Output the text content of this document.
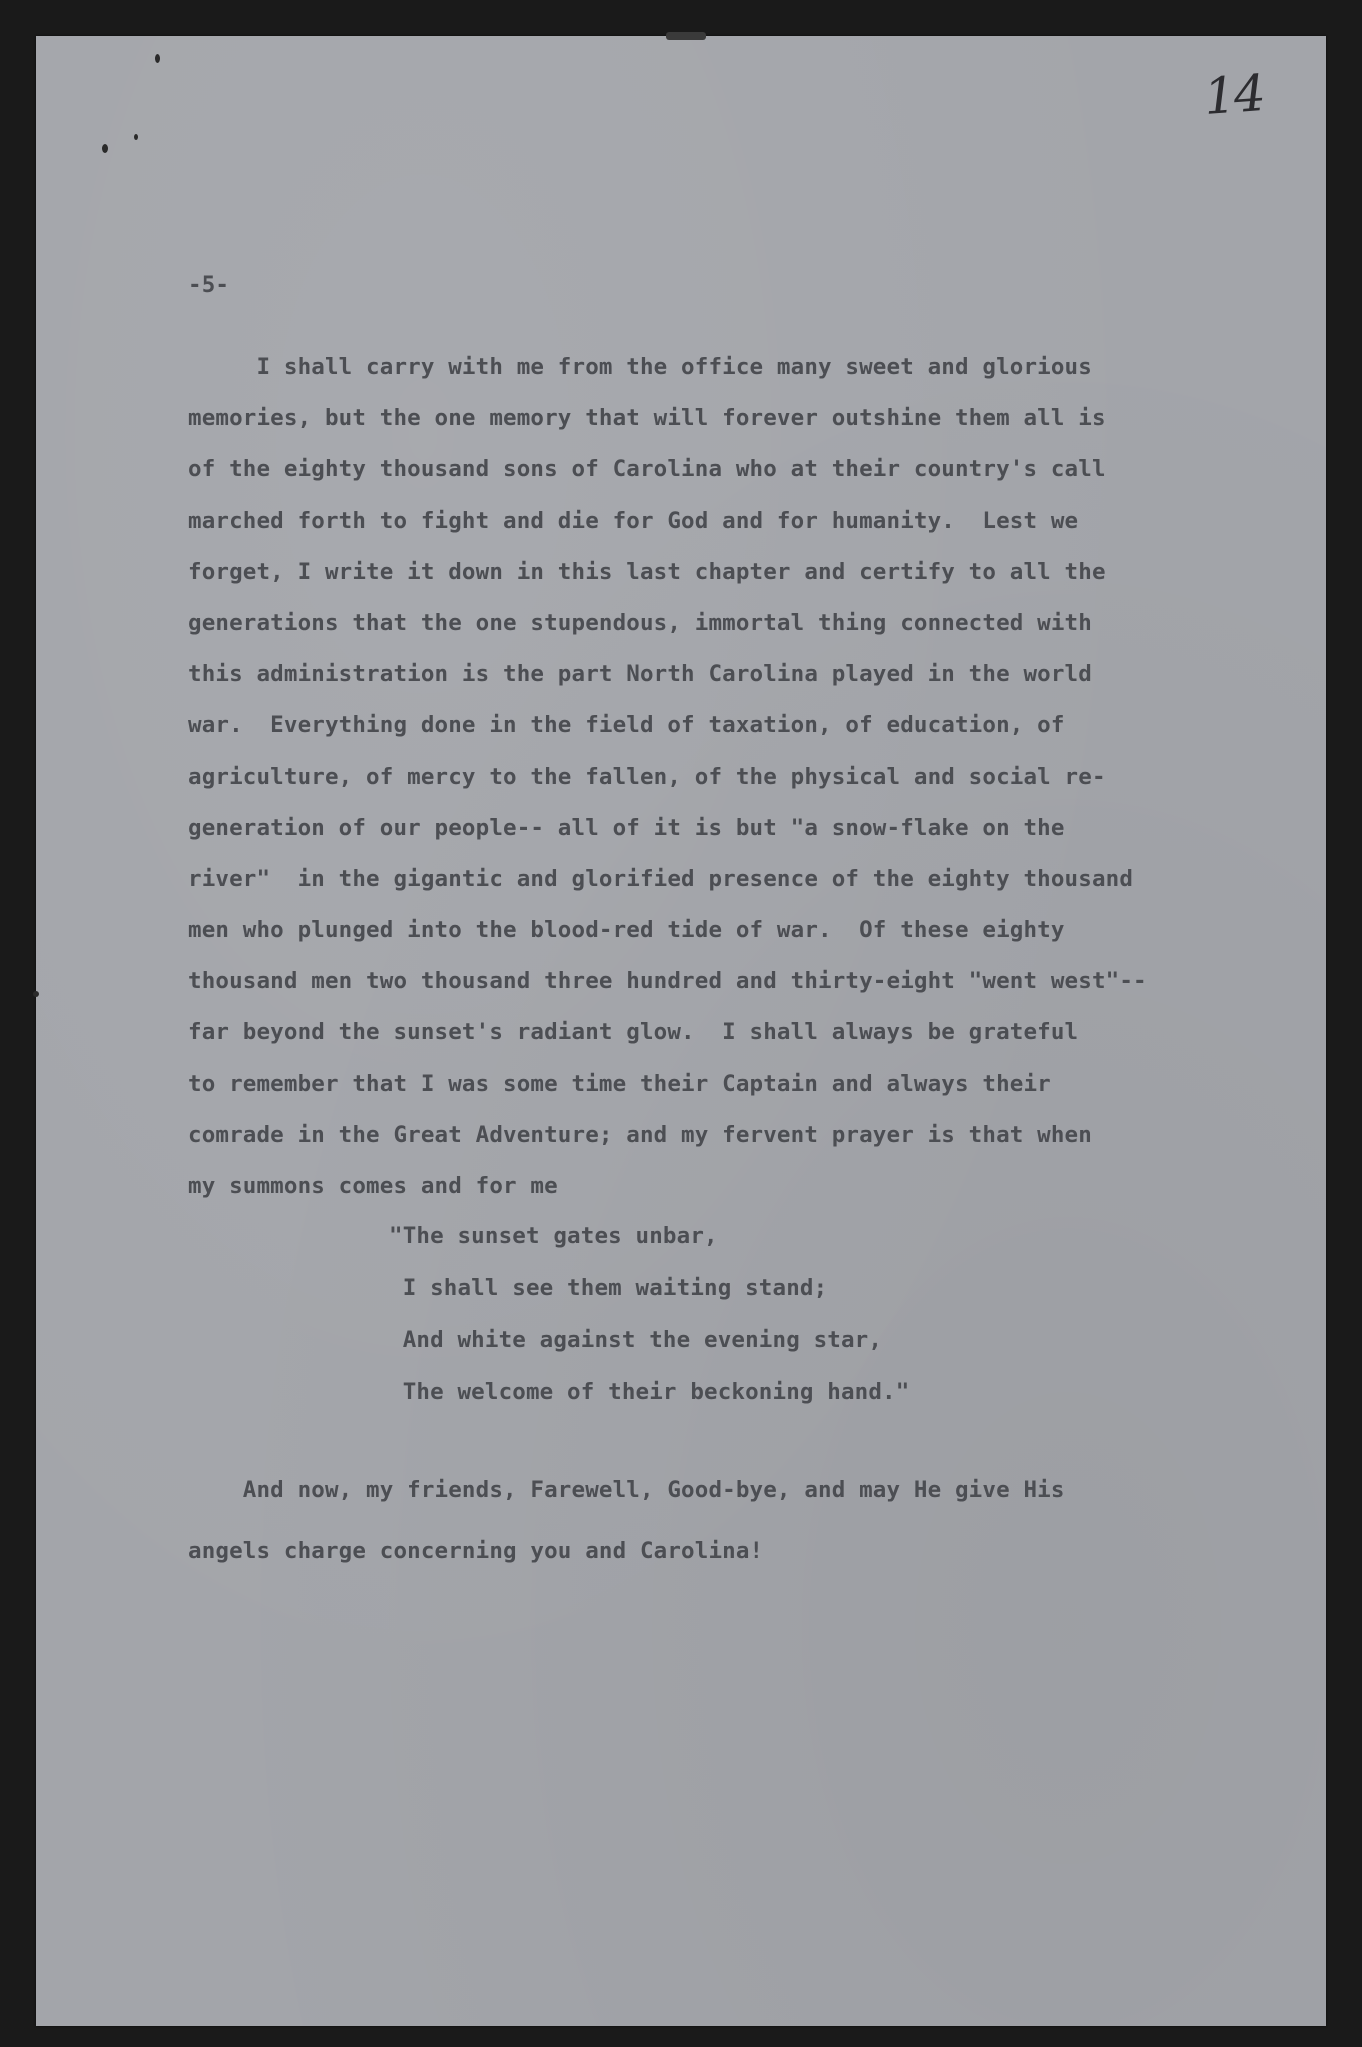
14
-5-
I shall carry with me from the office many sweet and glorious
memories, but the one memory that will forever outshine them all is
of the eighty thousand sons of Carolina who at their country's call
marched forth to fight and die for God and for humanity.  Lest we
forget, I write it down in this last chapter and certify to all the
generations that the one stupendous, immortal thing connected with
this administration is the part North Carolina played in the world
war.  Everything done in the field of taxation, of education, of
agriculture, of mercy to the fallen, of the physical and social re-
generation of our people-- all of it is but "a snow-flake on the
river"  in the gigantic and glorified presence of the eighty thousand
men who plunged into the blood-red tide of war.  Of these eighty
thousand men two thousand three hundred and thirty-eight "went west"--
far beyond the sunset's radiant glow.  I shall always be grateful
to remember that I was some time their Captain and always their
comrade in the Great Adventure; and my fervent prayer is that when
my summons comes and for me
"The sunset gates unbar,
I shall see them waiting stand;
And white against the evening star,
The welcome of their beckoning hand."
And now, my friends, Farewell, Good-bye, and may He give His
angels charge concerning you and Carolina!
